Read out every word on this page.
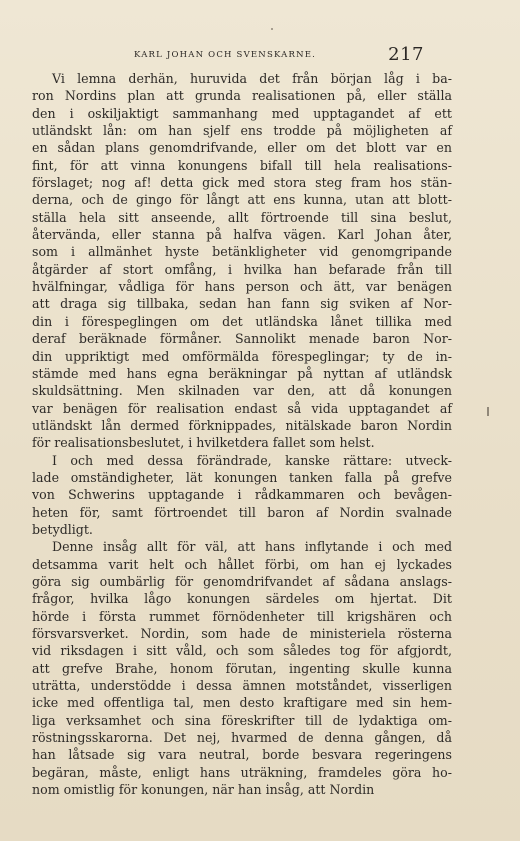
KARL JOHAN OCH SVENSKARNE.	217
Vi lemna derhän, huruvida det från början låg i ba-
ron Nordins plan att grunda realisationen på, eller ställa
den i oskiljaktigt sammanhang med upptagandet af ett
utländskt lån: om han sjelf ens trodde på möjligheten af
en sådan plans genomdrifvande, eller om det blott var en
fint, för att vinna konungens bifall till hela realisations-
förslaget; nog af! detta gick med stora steg fram hos stän-
derna, och de gingo för långt att ens kunna, utan att blott-
ställa hela sitt anseende, allt förtroende till sina beslut,
återvända, eller stanna på halfva vägen. Karl Johan åter,
som i allmänhet hyste betänkligheter vid genomgripande
åtgärder af stort omfång, i hvilka han befarade från till
hvälfningar, vådliga för hans person och ätt, var benägen
att draga sig tillbaka, sedan han fann sig sviken af Nor-
din i förespeglingen om det utländska lånet tillika med
deraf beräknade förmåner. Sannolikt menade baron Nor-
din uppriktigt med omförmälda förespeglingar; ty de in-
stämde med hans egna beräkningar på nyttan af utländsk
skuldsättning. Men skilnaden var den, att då konungen
var benägen för realisation endast så vida upptagandet af
utländskt lån dermed förknippades, nitälskade baron Nordin
för realisationsbeslutet, i hvilketdera fallet som helst.
I och med dessa förändrade, kanske rättare: utveck-
lade omständigheter, lät konungen tanken falla på grefve
von Schwerins upptagande i rådkammaren och bevågen-
heten för, samt förtroendet till baron af Nordin svalnade
betydligt.
Denne insåg allt för väl, att hans inflytande i och med
detsamma varit helt och hållet förbi, om han ej lyckades
göra sig oumbärlig för genomdrifvandet af sådana anslags-
frågor, hvilka lågo konungen särdeles om hjertat. Dit
hörde i första rummet förnödenheter till krigshären och
försvarsverket. Nordin, som hade de ministeriela rösterna
vid riksdagen i sitt våld, och som således tog för afgjordt,
att grefve Brahe, honom förutan, ingenting skulle kunna
uträtta, understödde i dessa ämnen motståndet, visserligen
icke med offentliga tal, men desto kraftigare med sin hem-
liga verksamhet och sina föreskrifter till de lydaktiga om-
röstningsskarorna. Det nej, hvarmed de denna gången, då
han låtsade sig vara neutral, borde besvara regeringens
begäran, måste, enligt hans uträkning, framdeles göra ho-
nom omistlig för konungen, när han insåg, att Nordin
